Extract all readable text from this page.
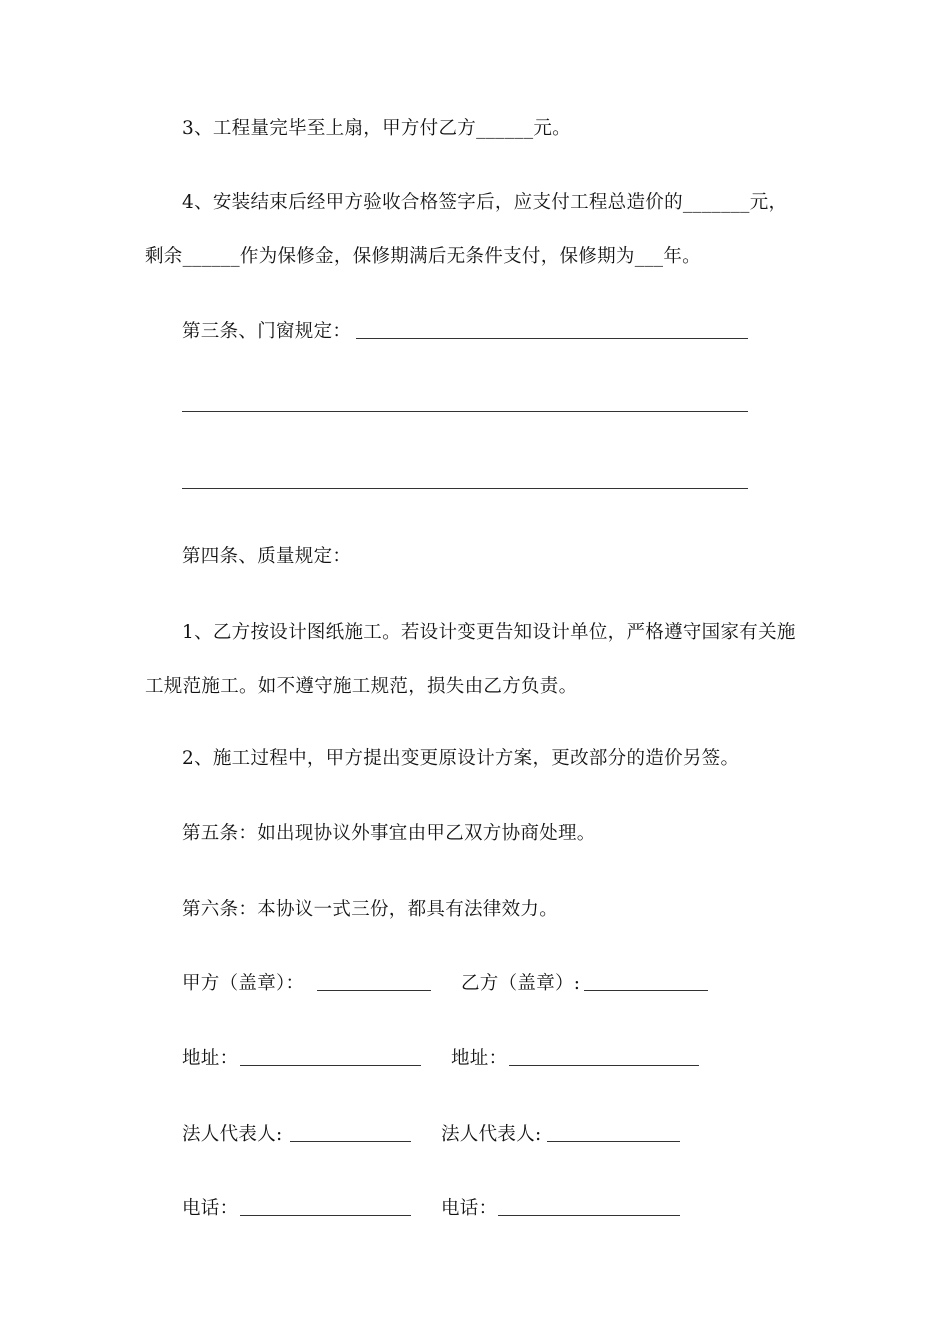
3、工程量完毕至上扇，甲方付乙方______元。
4、安装结束后经甲方验收合格签字后，应支付工程总造价的_______元，
剩余______作为保修金，保修期满后无条件支付，保修期为___年。
第三条、门窗规定：
第四条、质量规定：
1、乙方按设计图纸施工。若设计变更告知设计单位，严格遵守国家有关施
工规范施工。如不遵守施工规范，损失由乙方负责。
2、施工过程中，甲方提出变更原设计方案，更改部分的造价另签。
第五条：如出现协议外事宜由甲乙双方协商处理。
第六条：本协议一式三份，都具有法律效力。
甲方（盖章）：	乙方（盖章）:
地址：	地址：
法人代表人:	法人代表人:
电话：	电话：
